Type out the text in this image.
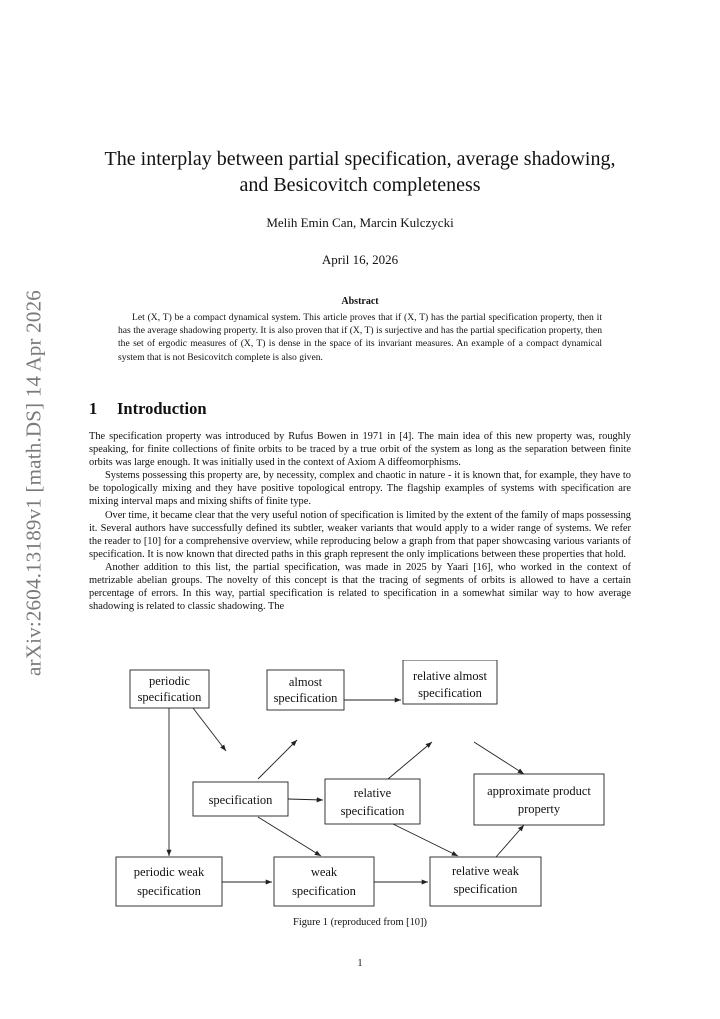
arXiv:2604.13189v1 [math.DS] 14 Apr 2026
The interplay between partial specification, average shadowing,
and Besicovitch completeness
Melih Emin Can, Marcin Kulczycki
April 16, 2026
Abstract
Let (X, T) be a compact dynamical system. This article proves that if (X, T) has the partial specification property, then it has the average shadowing property. It is also proven that if (X, T) is surjective and has the partial specification property, then the set of ergodic measures of (X, T) is dense in the space of its invariant measures. An example of a compact dynamical system that is not Besicovitch complete is also given.
1 Introduction

The specification property was introduced by Rufus Bowen in 1971 in [4]. The main idea of this new property was, roughly speaking, for finite collections of finite orbits to be traced by a true orbit of the system as long as the separation between finite orbits was large enough. It was initially used in the context of Axiom A diffeomorphisms.

Systems possessing this property are, by necessity, complex and chaotic in nature - it is known that, for example, they have to be topologically mixing and they have positive topological entropy. The flagship examples of systems with specification are mixing interval maps and mixing shifts of finite type.

Over time, it became clear that the very useful notion of specification is limited by the extent of the family of maps possessing it. Several authors have successfully defined its subtler, weaker variants that would apply to a wider range of systems. We refer the reader to [10] for a comprehensive overview, while reproducing below a graph from that paper showcasing various variants of specification. It is now known that directed paths in this graph represent the only implications between these properties that hold.

Another addition to this list, the partial specification, was made in 2025 by Yaari [16], who worked in the context of metrizable abelian groups. The novelty of this concept is that the tracing of segments of orbits is allowed to have a certain percentage of errors. In this way, partial specification is related to specification in a somewhat similar way to how average shadowing is related to classic shadowing. The

periodic
specification
almost
specification
relative almost
specification
specification	relative
specification
approximate product
property
periodic weak
specification
weak
specification
relative weak
specification
Figure 1 (reproduced from [10])
1
